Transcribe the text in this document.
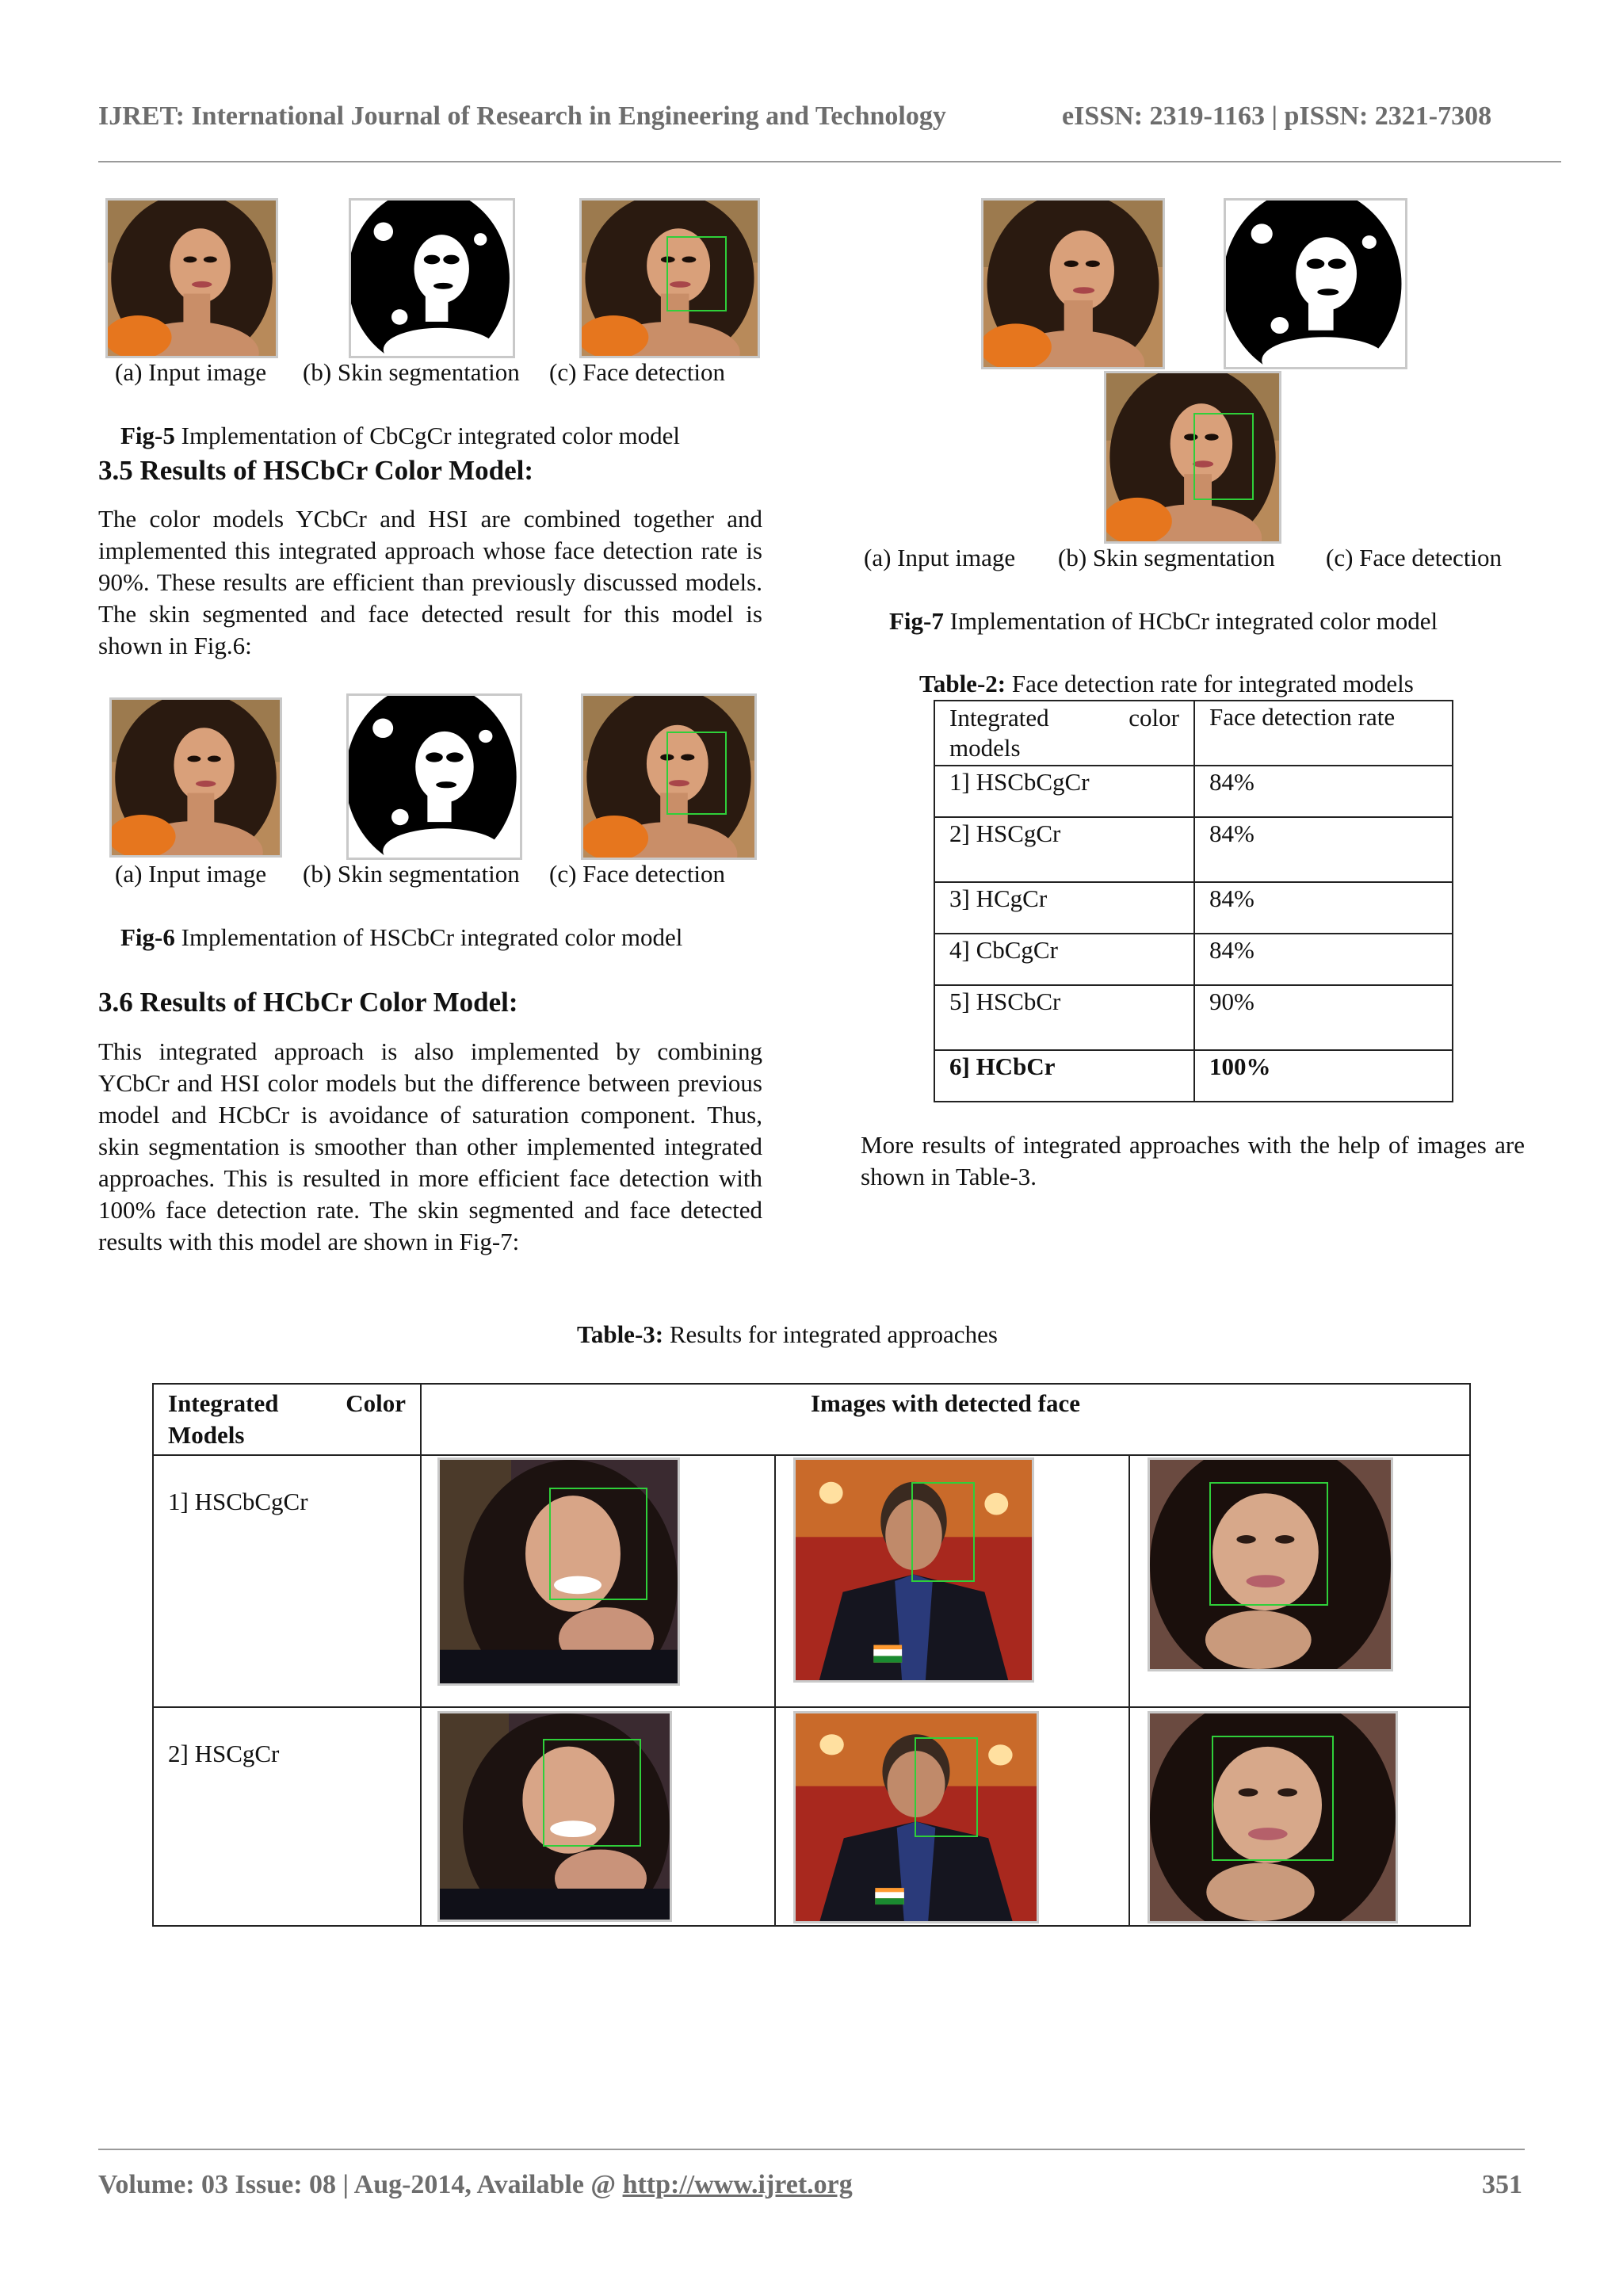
IJRET: International Journal of Research in Engineering and Technology	eISSN: 2319-1163 | pISSN: 2321-7308
(a) Input image (b) Skin segmentation (c) Face detection
Fig-5 Implementation of CbCgCr integrated color model
3.5 Results of HSCbCr Color Model:
The color models YCbCr and HSI are combined together and implemented this integrated approach whose face detection rate is 90%. These results are efficient than previously discussed models. The skin segmented and face detected result for this model is shown in Fig.6:
(a) Input image (b) Skin segmentation (c) Face detection
Fig-6 Implementation of HSCbCr integrated color model
3.6 Results of HCbCr Color Model:
This integrated approach is also implemented by combining YCbCr and HSI color models but the difference between previous model and HCbCr is avoidance of saturation component. Thus, skin segmentation is smoother than other implemented integrated approaches. This is resulted in more efficient face detection with 100% face detection rate. The skin segmented and face detected results with this model are shown in Fig-7:
(a) Input image (b) Skin segmentation (c) Face detection
Fig-7 Implementation of HCbCr integrated color model
Table-2: Face detection rate for integrated models
Integrated color models	Face detection rate
1] HSCbCgCr	84%
2] HSCgCr	84%
3] HCgCr	84%
4] CbCgCr	84%
5] HSCbCr	90%
6] HCbCr	100%
More results of integrated approaches with the help of images are shown in Table-3.
Table-3: Results for integrated approaches
Integrated Color Models	Images with detected face		
1] HSCbCgCr	

2] HSCgCr	

Volume: 03 Issue: 08 | Aug-2014, Available @ http://www.ijret.org	351
